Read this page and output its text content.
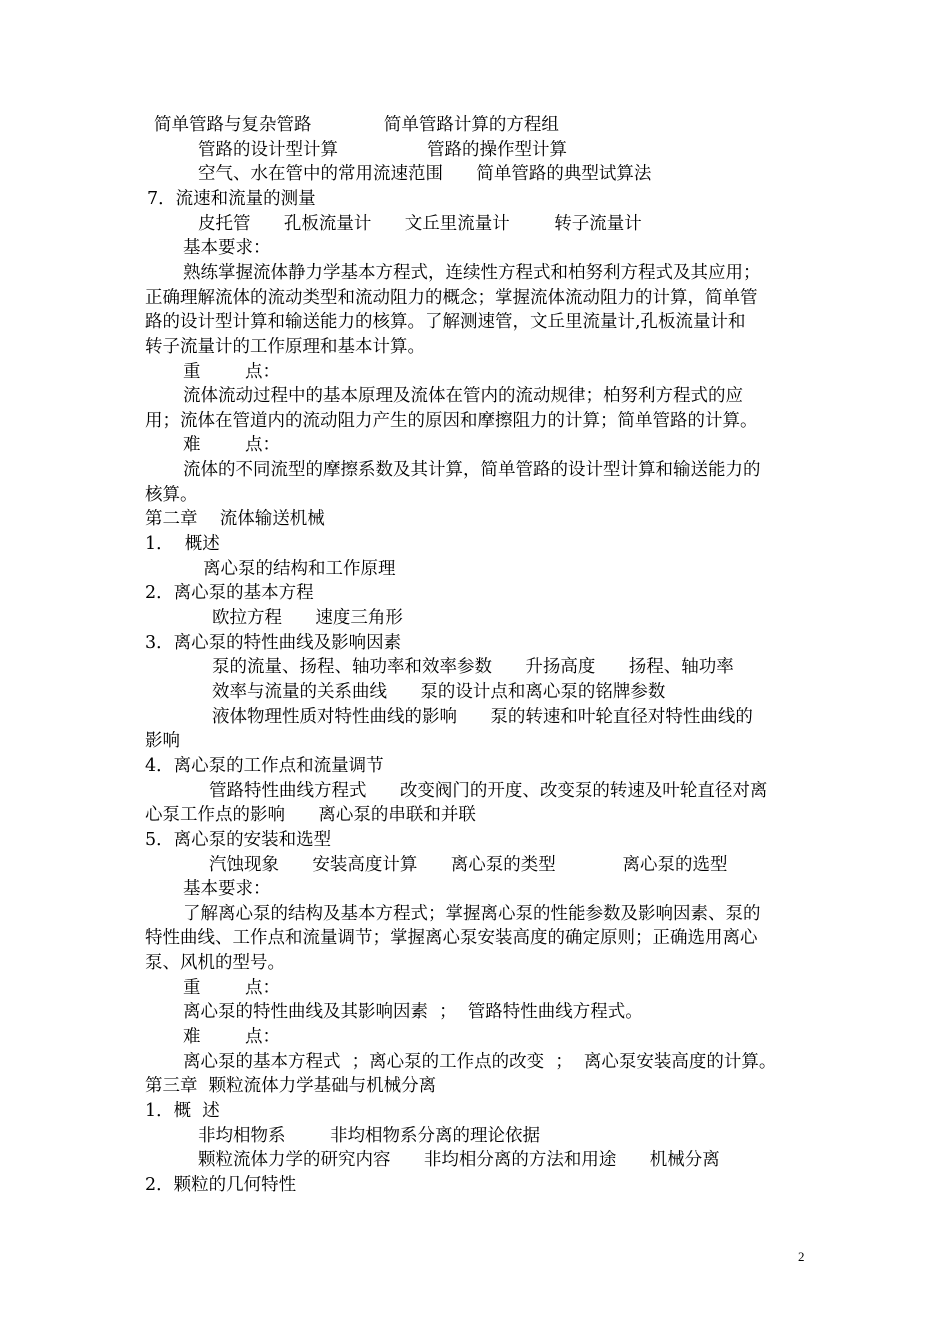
简单管路与复杂管路             简单管路计算的方程组
管路的设计型计算                管路的操作型计算
空气、水在管中的常用流速范围      简单管路的典型试算法
7．流速和流量的测量
皮托管      孔板流量计      文丘里流量计        转子流量计
基本要求：
熟练掌握流体静力学基本方程式，连续性方程式和柏努利方程式及其应用；
正确理解流体的流动类型和流动阻力的概念；掌握流体流动阻力的计算，简单管
路的设计型计算和输送能力的核算。了解测速管，文丘里流量计,孔板流量计和
转子流量计的工作原理和基本计算。
重        点：
流体流动过程中的基本原理及流体在管内的流动规律；柏努利方程式的应
用；流体在管道内的流动阻力产生的原因和摩擦阻力的计算；简单管路的计算。
难        点：
流体的不同流型的摩擦系数及其计算，简单管路的设计型计算和输送能力的
核算。
第二章    流体输送机械
1．  概述
离心泵的结构和工作原理
2．离心泵的基本方程
欧拉方程      速度三角形
3．离心泵的特性曲线及影响因素
泵的流量、扬程、轴功率和效率参数      升扬高度      扬程、轴功率
效率与流量的关系曲线      泵的设计点和离心泵的铭牌参数
液体物理性质对特性曲线的影响      泵的转速和叶轮直径对特性曲线的
影响
4．离心泵的工作点和流量调节
管路特性曲线方程式      改变阀门的开度、改变泵的转速及叶轮直径对离
心泵工作点的影响      离心泵的串联和并联
5．离心泵的安装和选型
汽蚀现象      安装高度计算      离心泵的类型            离心泵的选型
基本要求：
了解离心泵的结构及基本方程式；掌握离心泵的性能参数及影响因素、泵的
特性曲线、工作点和流量调节；掌握离心泵安装高度的确定原则；正确选用离心
泵、风机的型号。
重        点：
离心泵的特性曲线及其影响因素  ；  管路特性曲线方程式。
难        点：
离心泵的基本方程式  ；离心泵的工作点的改变  ；  离心泵安装高度的计算。
第三章  颗粒流体力学基础与机械分离
1．概  述
非均相物系        非均相物系分离的理论依据
颗粒流体力学的研究内容      非均相分离的方法和用途      机械分离
2．颗粒的几何特性
2
